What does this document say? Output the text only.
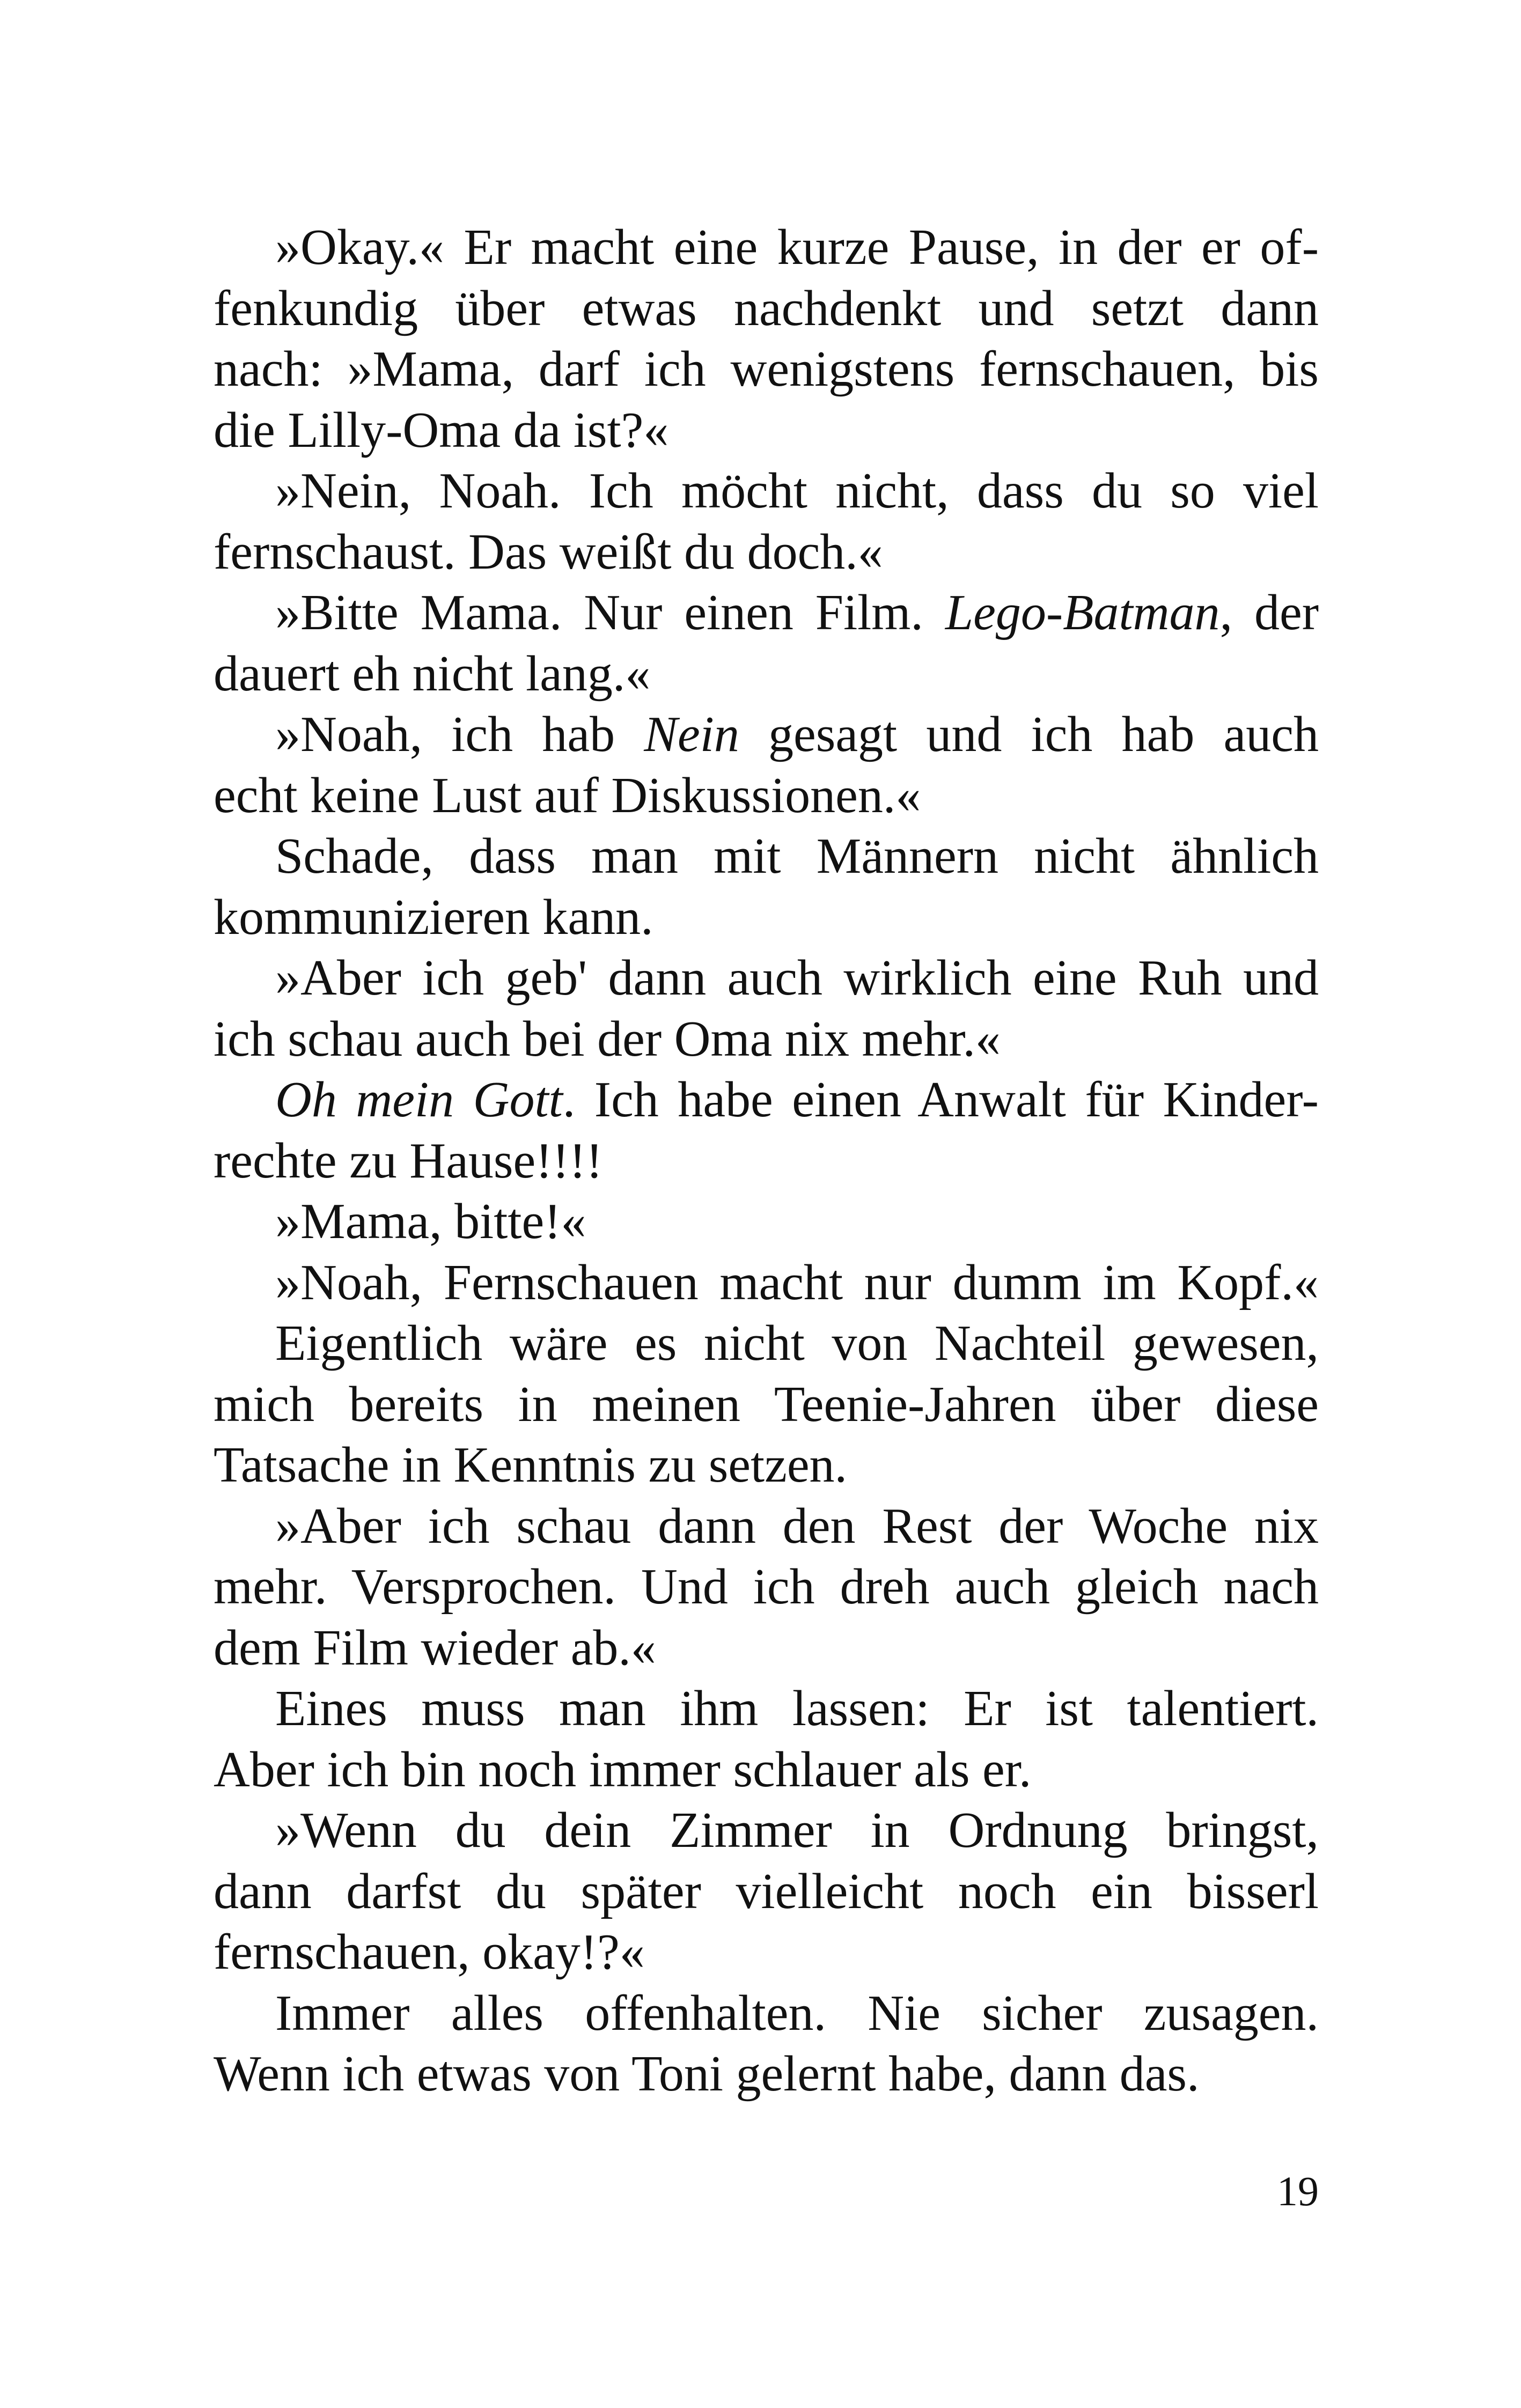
»Okay.« Er macht eine kurze Pause, in der er of-
fenkundig über etwas nachdenkt und setzt dann
nach: »Mama, darf ich wenigstens fernschauen, bis
die Lilly-Oma da ist?«
»Nein, Noah. Ich möcht nicht, dass du so viel
fernschaust. Das weißt du doch.«
»Bitte Mama. Nur einen Film. Lego-Batman, der
dauert eh nicht lang.«
»Noah, ich hab Nein gesagt und ich hab auch
echt keine Lust auf Diskussionen.«
Schade, dass man mit Männern nicht ähnlich
kommunizieren kann.
»Aber ich geb' dann auch wirklich eine Ruh und
ich schau auch bei der Oma nix mehr.«
Oh mein Gott. Ich habe einen Anwalt für Kinder-
rechte zu Hause!!!!
»Mama, bitte!«
»Noah, Fernschauen macht nur dumm im Kopf.«
Eigentlich wäre es nicht von Nachteil gewesen,
mich bereits in meinen Teenie-Jahren über diese
Tatsache in Kenntnis zu setzen.
»Aber ich schau dann den Rest der Woche nix
mehr. Versprochen. Und ich dreh auch gleich nach
dem Film wieder ab.«
Eines muss man ihm lassen: Er ist talentiert.
Aber ich bin noch immer schlauer als er.
»Wenn du dein Zimmer in Ordnung bringst,
dann darfst du später vielleicht noch ein bisserl
fernschauen, okay!?«
Immer alles offenhalten. Nie sicher zusagen.
Wenn ich etwas von Toni gelernt habe, dann das.
19
